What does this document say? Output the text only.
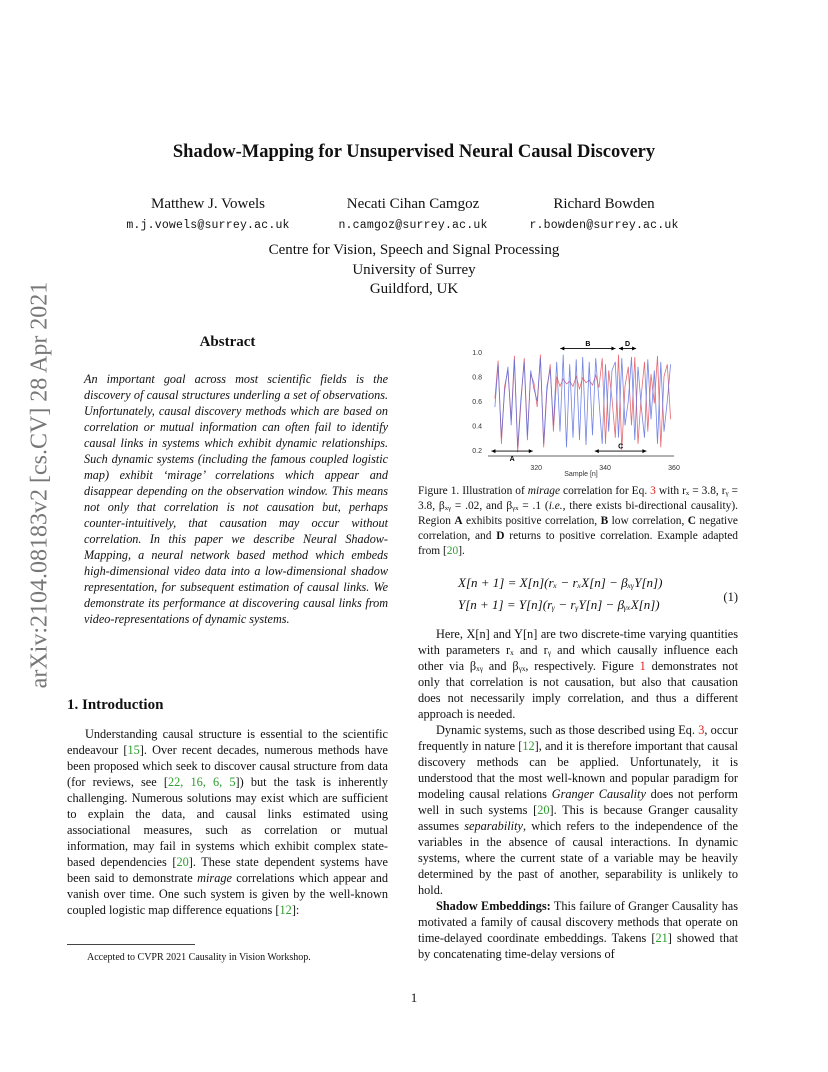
arXiv:2104.08183v2 [cs.CV] 28 Apr 2021
Shadow-Mapping for Unsupervised Neural Causal Discovery
Matthew J. Vowels
m.j.vowels@surrey.ac.uk
Necati Cihan Camgoz
n.camgoz@surrey.ac.uk
Richard Bowden
r.bowden@surrey.ac.uk
Centre for Vision, Speech and Signal Processing
University of Surrey
Guildford, UK
Abstract
An important goal across most scientific fields is the discovery of causal structures underling a set of observations. Unfortunately, causal discovery methods which are based on correlation or mutual information can often fail to identify causal links in systems which exhibit dynamic relationships. Such dynamic systems (including the famous coupled logistic map) exhibit ‘mirage’ correlations which appear and disappear depending on the observation window. This means not only that correlation is not causation but, perhaps counter-intuitively, that causation may occur without correlation. In this paper we describe Neural Shadow-Mapping, a neural network based method which embeds high-dimensional video data into a low-dimensional shadow representation, for subsequent estimation of causal links. We demonstrate its performance at discovering causal links from video-representations of dynamic systems.
1. Introduction

Understanding causal structure is essential to the scientific endeavour [15]. Over recent decades, numerous methods have been proposed which seek to discover causal structure from data (for reviews, see [22, 16, 6, 5]) but the task is inherently challenging. Numerous solutions may exist which are sufficient to explain the data, and causal links estimated using associational measures, such as correlation or mutual information, may fail in systems which exhibit complex state-based dependencies [20]. These state dependent systems have been said to demonstrate mirage correlations which appear and vanish over time. One such system is given by the well-known coupled logistic map difference equations [12]:

Accepted to CVPR 2021 Causality in Vision Workshop.
1
0.2
0.4
0.6
0.8
1.0
320	340	360
Sample [n]
A
B
C
D
Figure 1. Illustration of mirage correlation for Eq. 3 with rₓ = 3.8, rᵧ = 3.8, βₓᵧ = .02, and βᵧₓ = .1 (i.e., there exists bi-directional causality). Region A exhibits positive correlation, B low correlation, C negative correlation, and D returns to positive correlation. Example adapted from [20].
X[n + 1] = X[n](rₓ − rₓX[n] − βₓᵧY[n])
Y[n + 1] = Y[n](rᵧ − rᵧY[n] − βᵧₓX[n])	(1)

Here, X[n] and Y[n] are two discrete-time varying quantities with parameters rₓ and rᵧ and which causally influence each other via βₓᵧ and βᵧₓ, respectively. Figure 1 demonstrates not only that correlation is not causation, but also that causation does not necessarily imply correlation, and thus a different approach is needed.

Dynamic systems, such as those described using Eq. 3, occur frequently in nature [12], and it is therefore important that causal discovery methods can be applied. Unfortunately, it is understood that the most well-known and popular paradigm for modeling causal relations Granger Causality does not perform well in such systems [20]. This is because Granger causality assumes separability, which refers to the independence of the variables in the absence of causal interactions. In dynamic systems, where the current state of a variable may be heavily determined by the past of another, separability is unlikely to hold.

Shadow Embeddings: This failure of Granger Causality has motivated a family of causal discovery methods that operate on time-delayed coordinate embeddings. Takens [21] showed that by concatenating time-delay versions of
